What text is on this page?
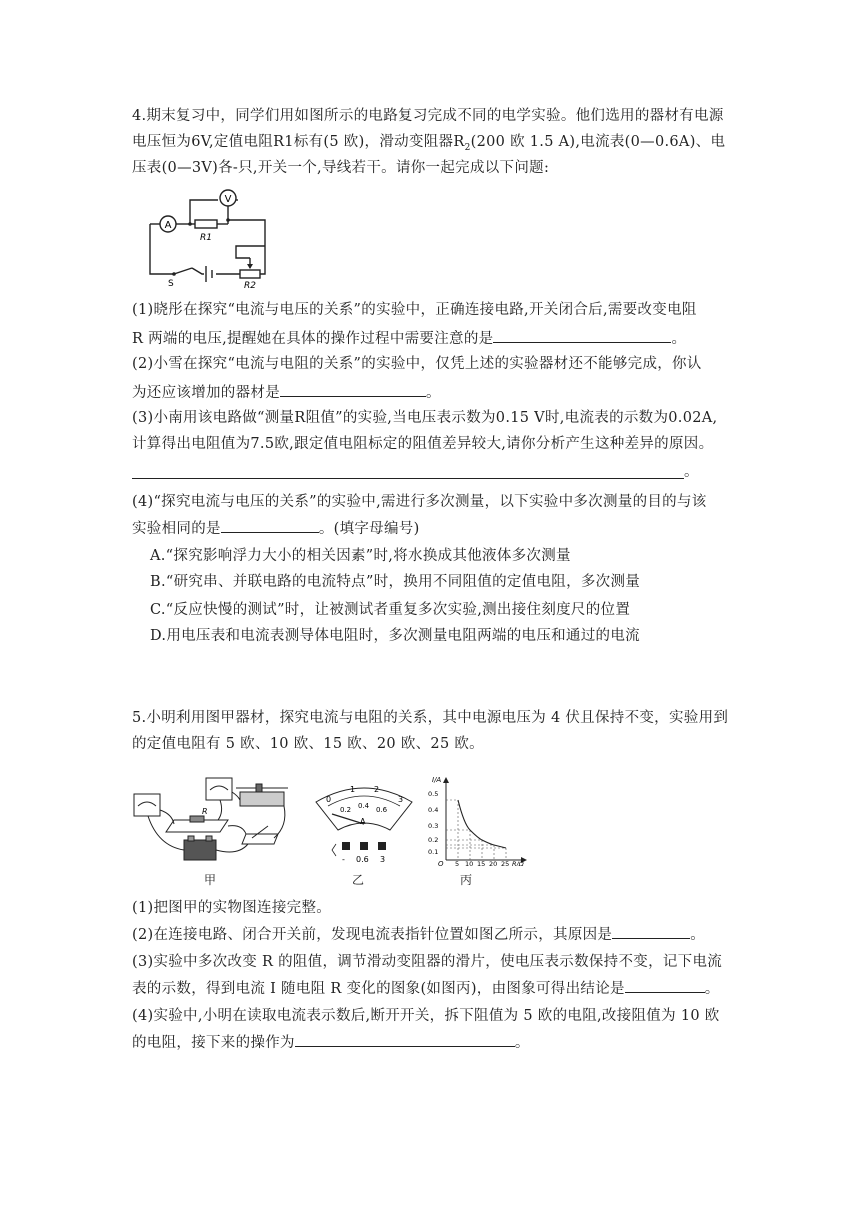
4.期末复习中，同学们用如图所示的电路复习完成不同的电学实验。他们选用的器材有电源
电压恒为6V,定值电阻R1标有(5 欧)，滑动变阻器$R_2(200$ 欧 1.5 A),电流表(0—0.6A)、电
压表(0—3V)各-只,开关一个,导线若干。请你一起完成以下问题:
A
V
R1
S	R2
(1)晓彤在探究“电流与电压的关系”的实验中，正确连接电路,开关闭合后,需要改变电阻
R 两端的电压,提醒她在具体的操作过程中需要注意的是	。
(2)小雪在探究“电流与电阻的关系”的实验中，仅凭上述的实验器材还不能够完成，你认
为还应该增加的器材是	。
(3)小南用该电路做“测量R阻值”的实验,当电压表示数为0.15 V时,电流表的示数为0.02A,
计算得出电阻值为7.5欧,跟定值电阻标定的阻值差异较大,请你分析产生这种差异的原因。
。
(4)“探究电流与电压的关系”的实验中,需进行多次测量，以下实验中多次测量的目的与该
实验相同的是	。(填字母编号)
A.“探究影响浮力大小的相关因素”时,将水换成其他液体多次测量
B.“研究串、并联电路的电流特点”时，换用不同阻值的定值电阻，多次测量
C.“反应快慢的测试”时，让被测试者重复多次实验,测出接住刻度尺的位置
D.用电压表和电流表测导体电阻时，多次测量电阻两端的电压和通过的电流
5.小明利用图甲器材，探究电流与电阻的关系，其中电源电压为 4 伏且保持不变，实验用到
的定值电阻有 5 欧、10 欧、15 欧、20 欧、25 欧。
R
甲
0
1 2
3
0.2 0.4 0.6
A
- 0.6 3
乙
I/A
0.5
0.4
0.3
0.2
0.1
O 5 10 15 20 25 R/Ω
丙
(1)把图甲的实物图连接完整。
(2)在连接电路、闭合开关前，发现电流表指针位置如图乙所示，其原因是	。
(3)实验中多次改变 R 的阻值，调节滑动变阻器的滑片，使电压表示数保持不变，记下电流
表的示数，得到电流 I 随电阻 R 变化的图象(如图丙)，由图象可得出结论是	。
(4)实验中,小明在读取电流表示数后,断开开关，拆下阻值为 5 欧的电阻,改接阻值为 10 欧
的电阻，接下来的操作为	。
